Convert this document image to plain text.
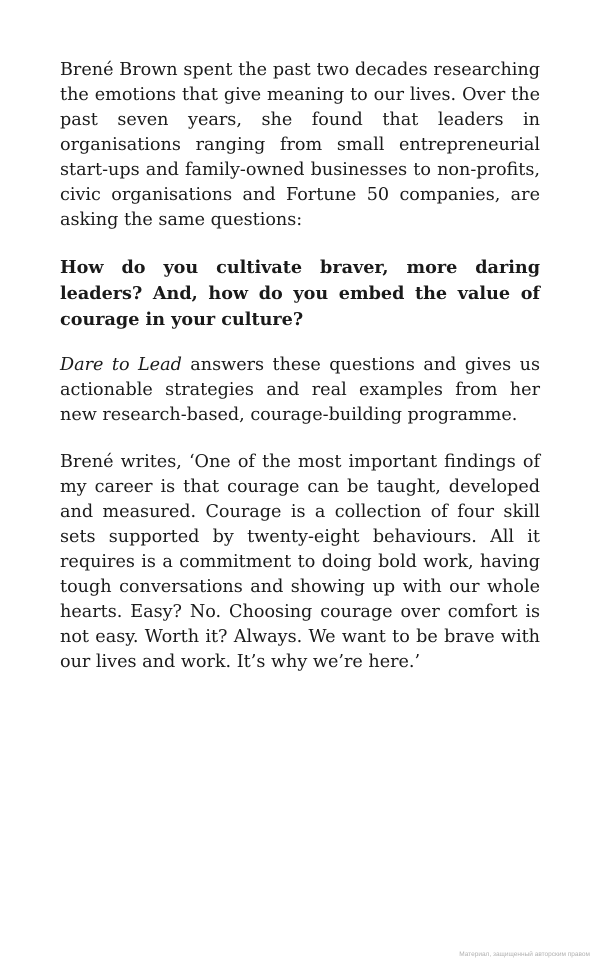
Brené Brown spent the past two decades researching the emotions that give meaning to our lives. Over the past seven years, she found that leaders in organisations ranging from small entrepreneurial start-ups and family-owned businesses to non-profits, civic organisations and Fortune 50 companies, are asking the same questions:

How do you cultivate braver, more daring leaders? And, how do you embed the value of courage in your culture?

Dare to Lead answers these questions and gives us actionable strategies and real examples from her new research-based, courage-building programme.

Brené writes, ‘One of the most important findings of my career is that courage can be taught, developed and measured. Courage is a collection of four skill sets supported by twenty-eight behaviours. All it requires is a commitment to doing bold work, having tough conversations and showing up with our whole hearts. Easy? No. Choosing courage over comfort is not easy. Worth it? Always. We want to be brave with our lives and work. It’s why we’re here.’

Материал, защищенный авторским правом
